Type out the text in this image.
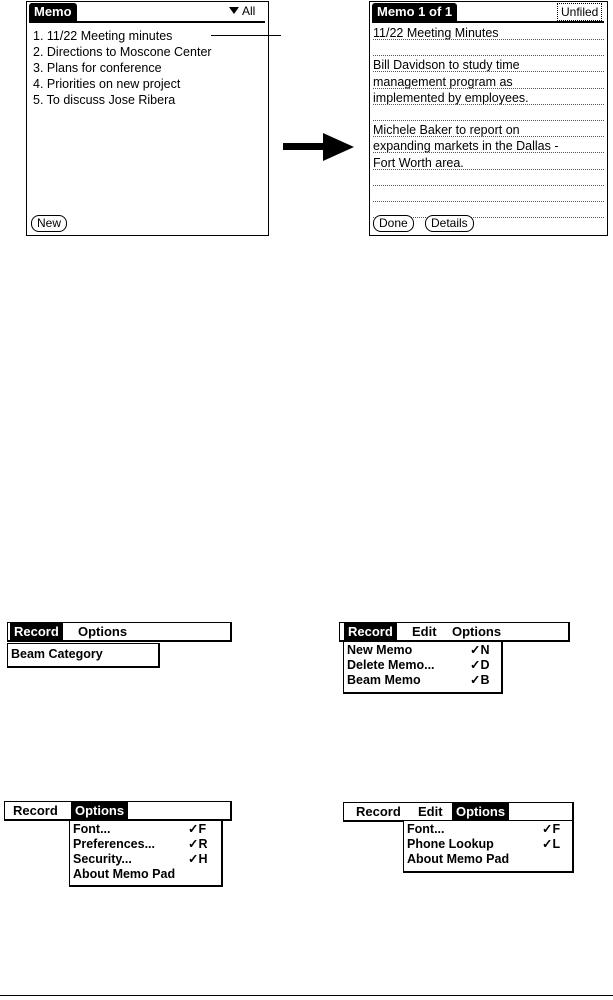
Memo	All
1. 11/22 Meeting minutes
2. Directions to Moscone Center
3. Plans for conference
4. Priorities on new project
5. To discuss Jose Ribera
New
Memo 1 of 1	Unfiled
11/22 Meeting Minutes
Bill Davidson to study time
management program as
implemented by employees.
Michele Baker to report on
expanding markets in the Dallas -
Fort Worth area.
Done	Details
Record	Options
Beam Category
Record	Edit	Options
New Memo	✓N
Delete Memo...	✓D
Beam Memo	✓B
Record	Options
Font...	✓F
Preferences...	✓R
Security...	✓H
About Memo Pad
Record	Edit	Options
Font...	✓F
Phone Lookup	✓L
About Memo Pad
